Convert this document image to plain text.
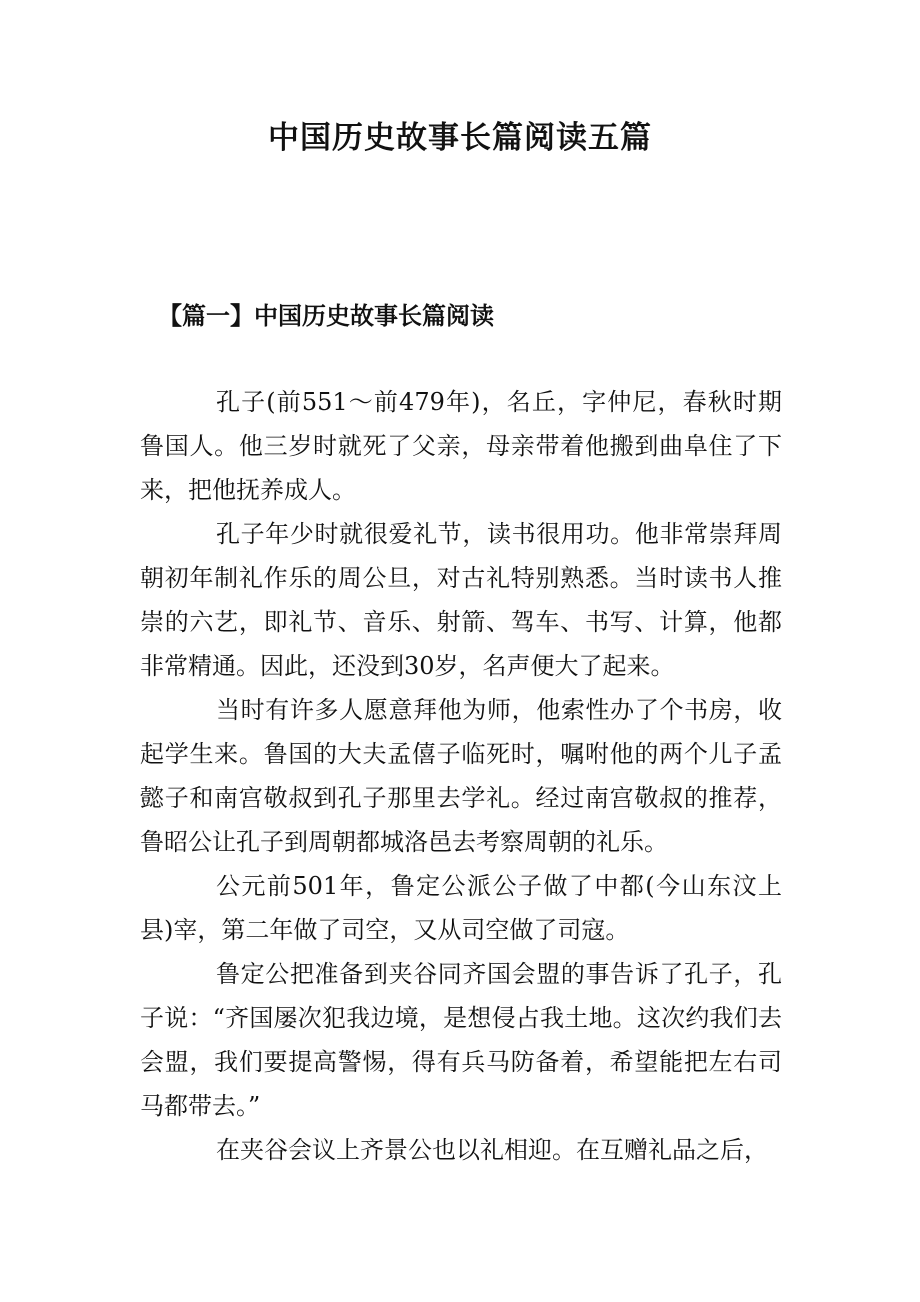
中国历史故事长篇阅读五篇
【篇一】中国历史故事长篇阅读

孔子(前551～前479年)，名丘，字仲尼，春秋时期鲁国人。他三岁时就死了父亲，母亲带着他搬到曲阜住了下来，把他抚养成人。

孔子年少时就很爱礼节，读书很用功。他非常崇拜周朝初年制礼作乐的周公旦，对古礼特别熟悉。当时读书人推崇的六艺，即礼节、音乐、射箭、驾车、书写、计算，他都非常精通。因此，还没到30岁，名声便大了起来。

当时有许多人愿意拜他为师，他索性办了个书房，收起学生来。鲁国的大夫孟僖子临死时，嘱咐他的两个儿子孟懿子和南宫敬叔到孔子那里去学礼。经过南宫敬叔的推荐，鲁昭公让孔子到周朝都城洛邑去考察周朝的礼乐。

公元前501年，鲁定公派公子做了中都(今山东汶上县)宰，第二年做了司空，又从司空做了司寇。

鲁定公把准备到夹谷同齐国会盟的事告诉了孔子，孔子说：“齐国屡次犯我边境，是想侵占我土地。这次约我们去会盟，我们要提高警惕，得有兵马防备着，希望能把左右司马都带去。”

在夹谷会议上齐景公也以礼相迎。在互赠礼品之后，
